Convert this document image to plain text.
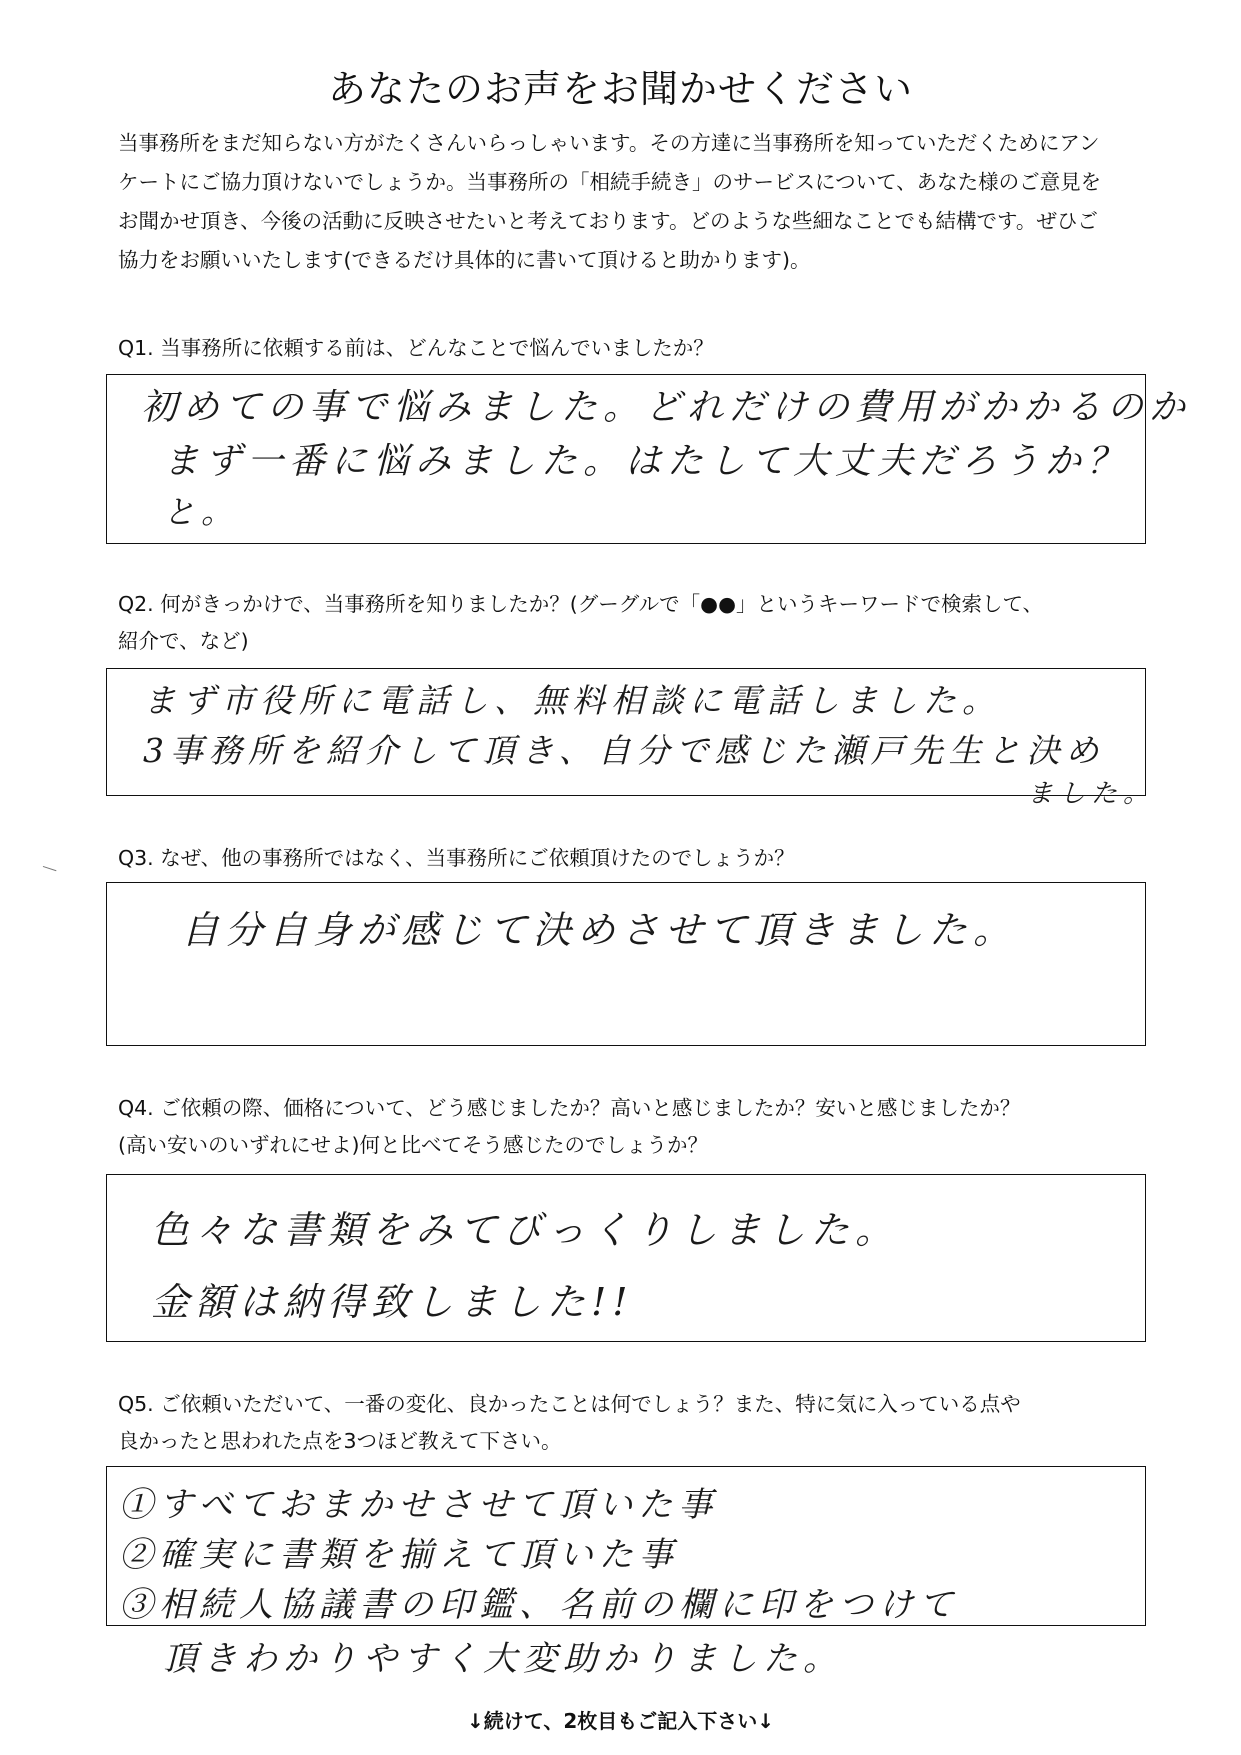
あなたのお声をお聞かせください
当事務所をまだ知らない方がたくさんいらっしゃいます。その方達に当事務所を知っていただくためにアン
ケートにご協力頂けないでしょうか。当事務所の「相続手続き」のサービスについて、あなた様のご意見を
お聞かせ頂き、今後の活動に反映させたいと考えております。どのような些細なことでも結構です。ぜひご
協力をお願いいたします(できるだけ具体的に書いて頂けると助かります)。
Q1. 当事務所に依頼する前は、どんなことで悩んでいましたか？
初めての事で悩みました。どれだけの費用がかかるのか
まず一番に悩みました。はたして大丈夫だろうか？
と。
Q2. 何がきっかけで、当事務所を知りましたか？(グーグルで「●●」というキーワードで検索して、
紹介で、など)
まず市役所に電話し、無料相談に電話しました。
3事務所を紹介して頂き、自分で感じた瀬戸先生と決め
ました。
Q3. なぜ、他の事務所ではなく、当事務所にご依頼頂けたのでしょうか？
自分自身が感じて決めさせて頂きました。
Q4. ご依頼の際、価格について、どう感じましたか？高いと感じましたか？安いと感じましたか？
(高い安いのいずれにせよ)何と比べてそう感じたのでしょうか？
色々な書類をみてびっくりしました。
金額は納得致しました!!
Q5. ご依頼いただいて、一番の変化、良かったことは何でしょう？また、特に気に入っている点や
良かったと思われた点を3つほど教えて下さい。
①すべておまかせさせて頂いた事
②確実に書類を揃えて頂いた事
③相続人協議書の印鑑、名前の欄に印をつけて
頂きわかりやすく大変助かりました。
↓続けて、2枚目もご記入下さい↓
